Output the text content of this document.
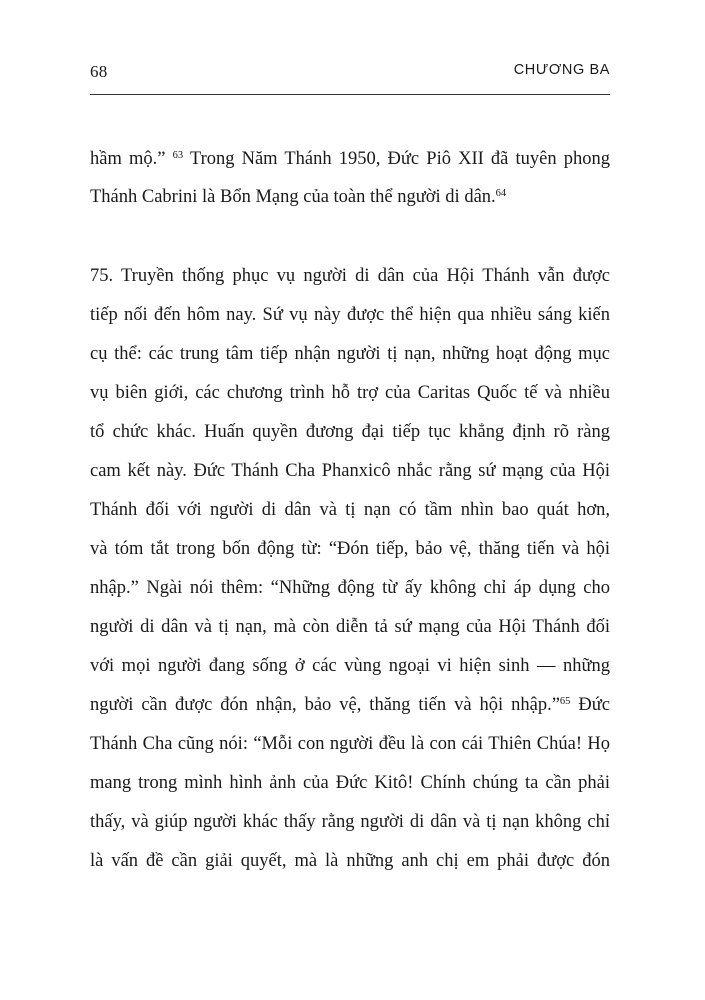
68	CHƯƠNG BA
hầm mộ.” $^{63}$ Trong Năm Thánh 1950, Đức Piô XII đã tuyên phong
Thánh Cabrini là Bổn Mạng của toàn thể người di dân.$^{64}$
75. Truyền thống phục vụ người di dân của Hội Thánh vẫn được
tiếp nối đến hôm nay. Sứ vụ này được thể hiện qua nhiều sáng kiến
cụ thể: các trung tâm tiếp nhận người tị nạn, những hoạt động mục
vụ biên giới, các chương trình hỗ trợ của Caritas Quốc tế và nhiều
tổ chức khác. Huấn quyền đương đại tiếp tục khẳng định rõ ràng
cam kết này. Đức Thánh Cha Phanxicô nhắc rằng sứ mạng của Hội
Thánh đối với người di dân và tị nạn có tầm nhìn bao quát hơn,
và tóm tắt trong bốn động từ: “Đón tiếp, bảo vệ, thăng tiến và hội
nhập.” Ngài nói thêm: “Những động từ ấy không chỉ áp dụng cho
người di dân và tị nạn, mà còn diễn tả sứ mạng của Hội Thánh đối
với mọi người đang sống ở các vùng ngoại vi hiện sinh — những
người cần được đón nhận, bảo vệ, thăng tiến và hội nhập.”$^{65}$ Đức
Thánh Cha cũng nói: “Mỗi con người đều là con cái Thiên Chúa! Họ
mang trong mình hình ảnh của Đức Kitô! Chính chúng ta cần phải
thấy, và giúp người khác thấy rằng người di dân và tị nạn không chỉ
là vấn đề cần giải quyết, mà là những anh chị em phải được đón
